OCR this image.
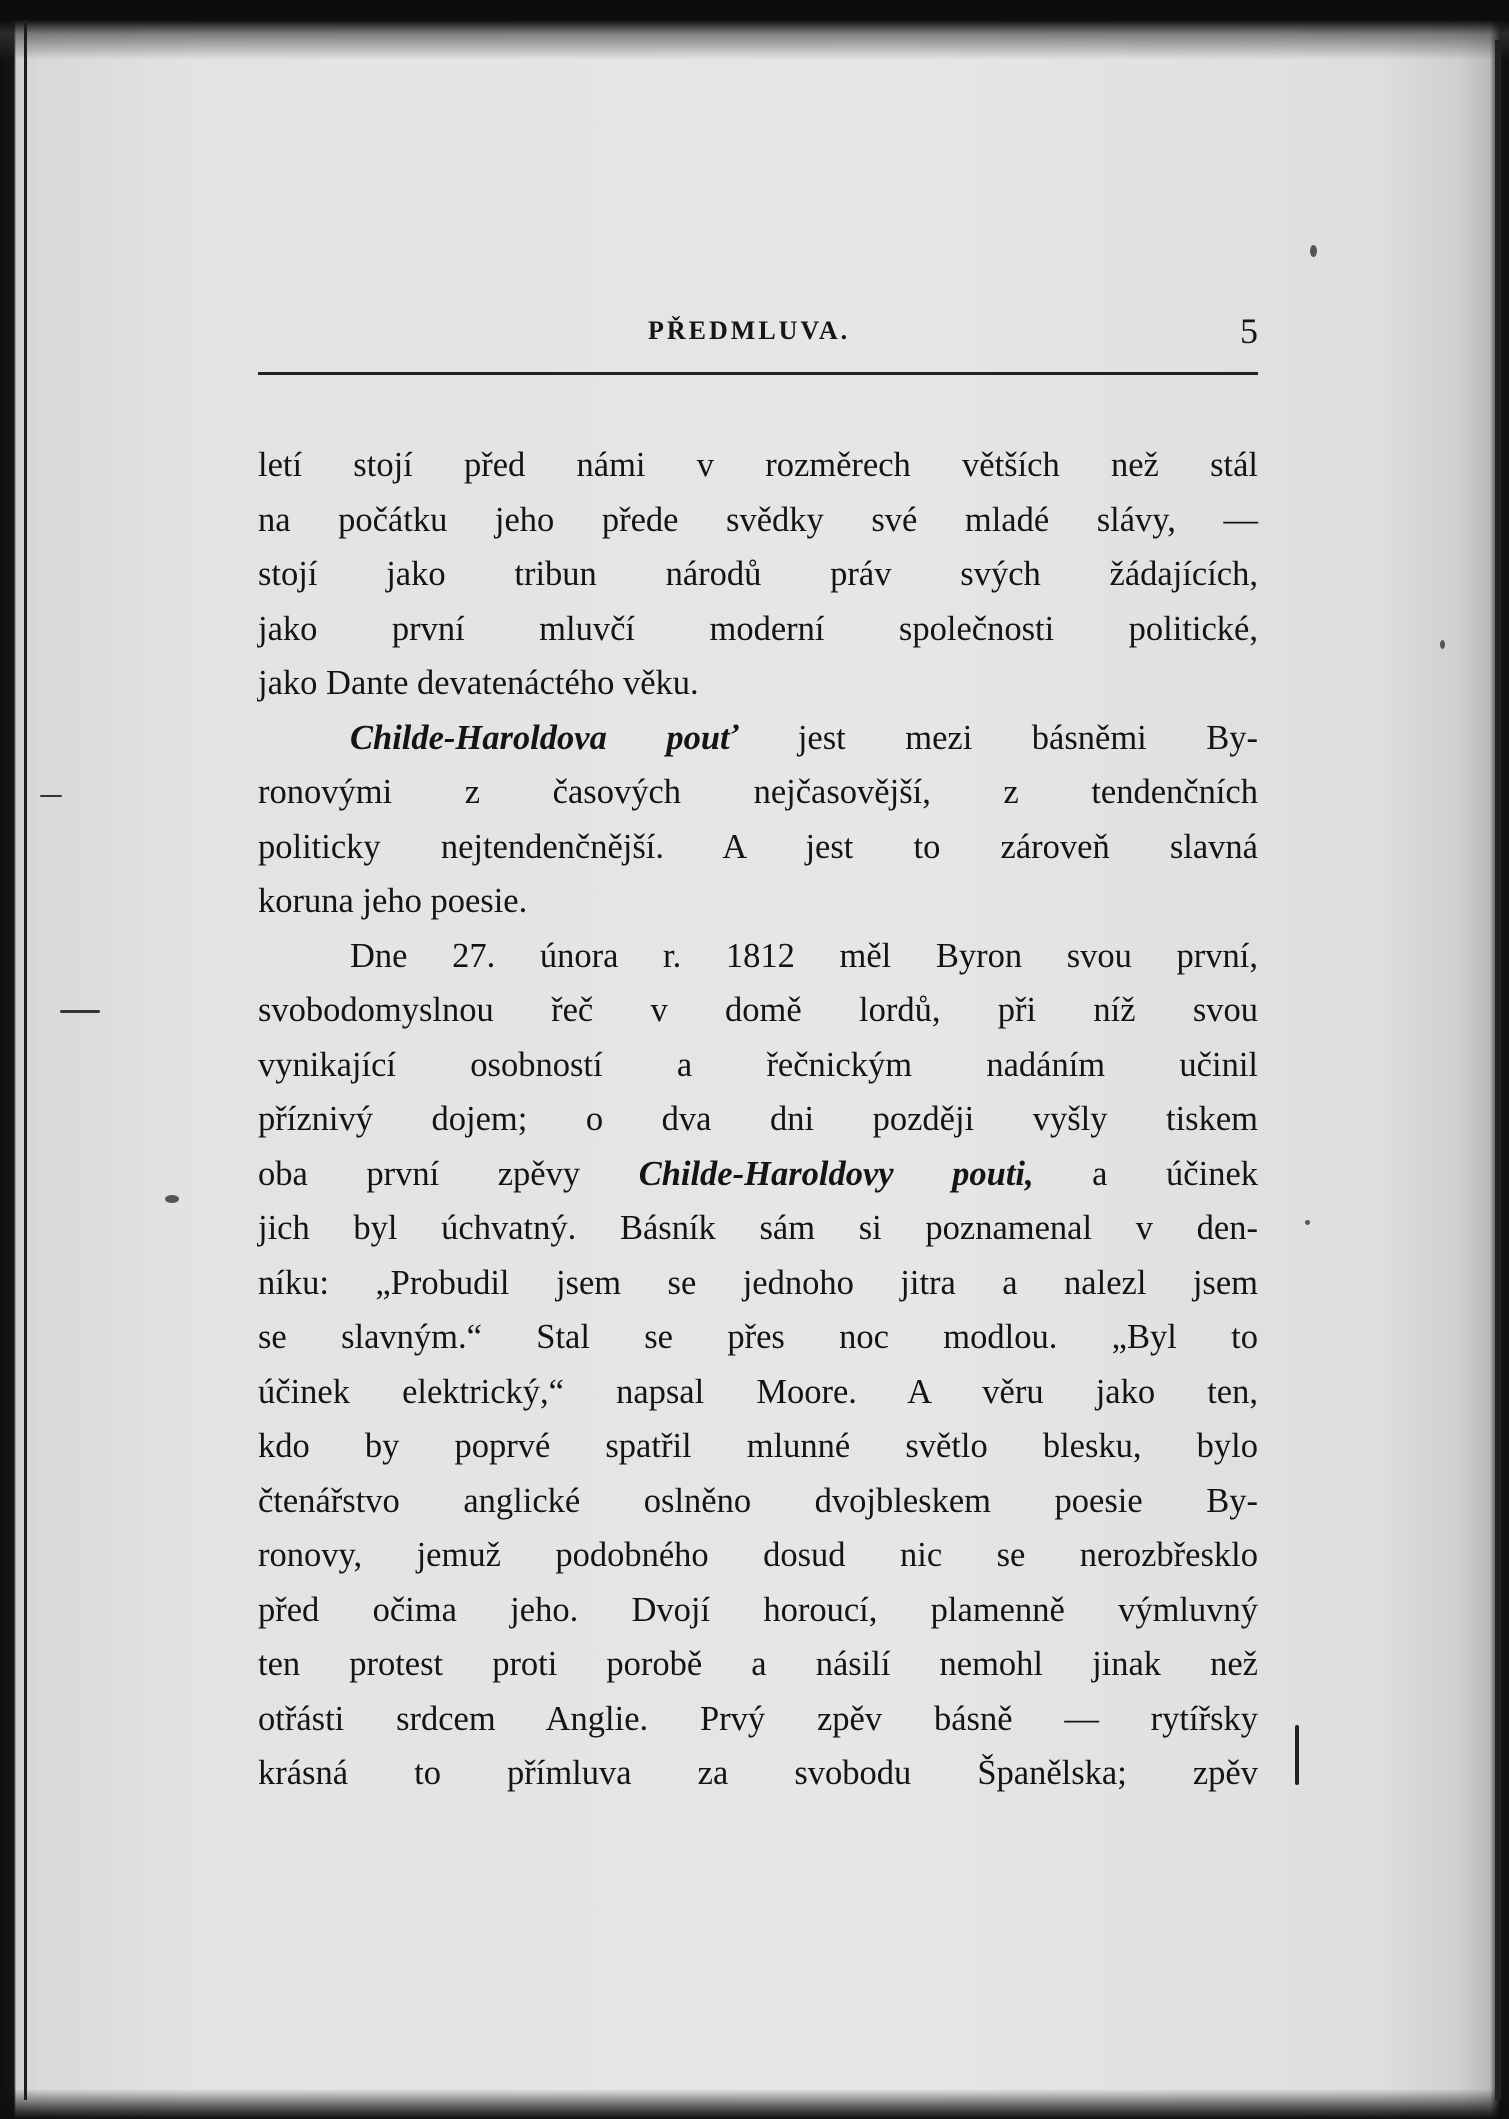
PŘEDMLUVA.	5
letí stojí před námi v rozměrech větších než stál
na počátku jeho přede svědky své mladé slávy, —
stojí jako tribun národů práv svých žádajících,
jako první mluvčí moderní společnosti politické,
jako Dante devatenáctého věku.
Childe-Haroldova pouť jest mezi básněmi By-
ronovými z časových nejčasovější, z tendenčních
politicky nejtendenčnější. A jest to zároveň slavná
koruna jeho poesie.
Dne 27. února r. 1812 měl Byron svou první,
svobodomyslnou řeč v domě lordů, při níž svou
vynikající osobností a řečnickým nadáním učinil
příznivý dojem; o dva dni později vyšly tiskem
oba první zpěvy Childe-Haroldovy pouti, a účinek
jich byl úchvatný. Básník sám si poznamenal v den-
níku: „Probudil jsem se jednoho jitra a nalezl jsem
se slavným.“ Stal se přes noc modlou. „Byl to
účinek elektrický,“ napsal Moore. A věru jako ten,
kdo by poprvé spatřil mlunné světlo blesku, bylo
čtenářstvo anglické oslněno dvojbleskem poesie By-
ronovy, jemuž podobného dosud nic se nerozbřesklo
před očima jeho. Dvojí horoucí, plamenně výmluvný
ten protest proti porobě a násilí nemohl jinak než
otřásti srdcem Anglie. Prvý zpěv básně — rytířsky
krásná to přímluva za svobodu Španělska; zpěv
